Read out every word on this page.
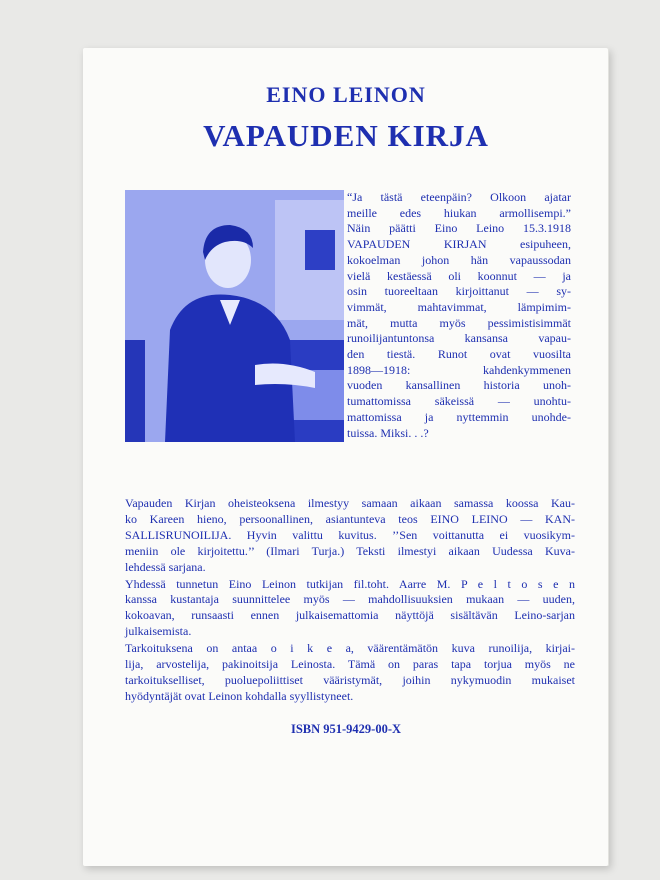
EINO LEINON
VAPAUDEN KIRJA

“Ja tästä eteenpäin? Olkoon ajatar
meille edes hiukan armollisempi.”
Näin päätti Eino Leino 15.3.1918
VAPAUDEN KIRJAN esipuheen,
kokoelman johon hän vapaussodan
vielä kestäessä oli koonnut — ja
osin tuoreeltaan kirjoittanut — sy-
vimmät, mahtavimmat, lämpimim-
mät, mutta myös pessimistisimmät
runoilijantuntonsa kansansa vapau-
den tiestä. Runot ovat vuosilta
1898—1918: kahdenkymmenen
vuoden kansallinen historia unoh-
tumattomissa säkeissä — unohtu-
mattomissa ja nyttemmin unohde-
tuissa. Miksi. . .?

Vapauden Kirjan oheisteoksena ilmestyy samaan aikaan samassa koossa Kau-
ko Kareen hieno, persoonallinen, asiantunteva teos EINO LEINO — KAN-
SALLISRUNOILIJA. Hyvin valittu kuvitus. ’’Sen voittanutta ei vuosikym-
meniin ole kirjoitettu.’’ (Ilmari Turja.) Teksti ilmestyi aikaan Uudessa Kuva-
lehdessä sarjana.

Yhdessä tunnetun Eino Leinon tutkijan fil.toht. Aarre M. P e l t o s e n
kanssa kustantaja suunnittelee myös — mahdollisuuksien mukaan — uuden,
kokoavan, runsaasti ennen julkaisemattomia näyttöjä sisältävän Leino-sarjan
julkaisemista.

Tarkoituksena on antaa o i k e a, väärentämätön kuva runoilija, kirjai-
lija, arvostelija, pakinoitsija Leinosta. Tämä on paras tapa torjua myös ne
tarkoitukselliset, puoluepoliittiset vääristymät, joihin nykymuodin mukaiset
hyödyntäjät ovat Leinon kohdalla syyllistyneet.

ISBN 951-9429-00-X
